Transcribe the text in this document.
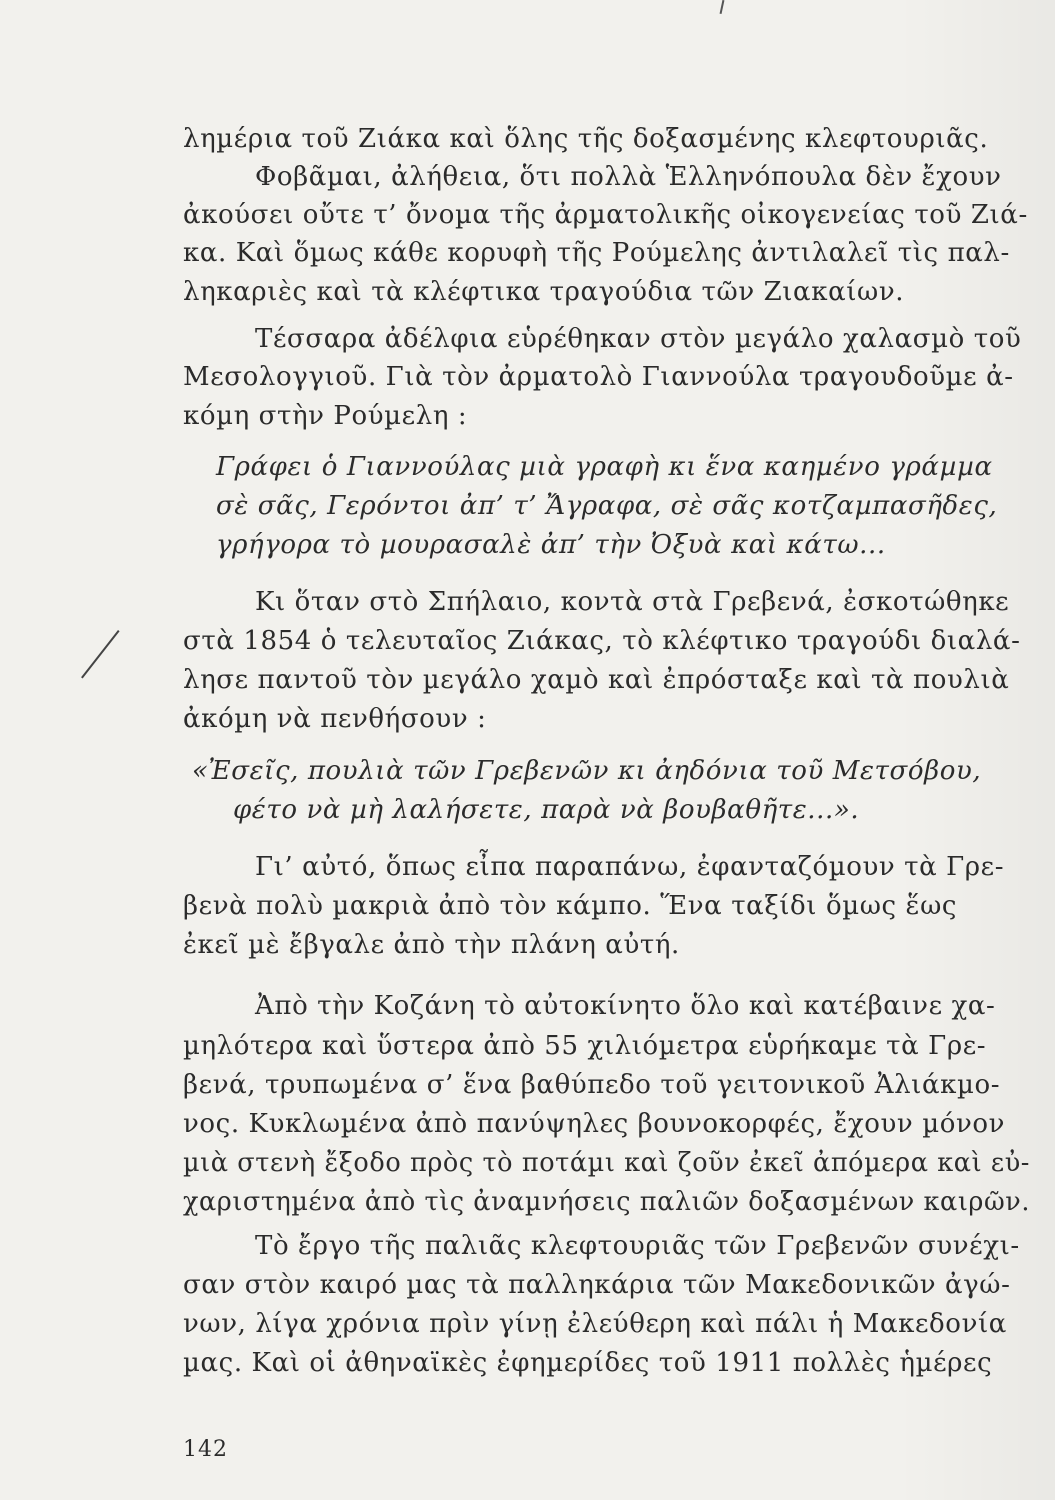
ληµέρια τοῦ Ζιάκα καὶ ὅλης τῆς δοξασµένης κλεφτουριᾶς.
Φοβᾶµαι, ἀλήθεια, ὅτι πολλὰ Ἑλληνόπουλα δὲν ἔχουν
ἀκούσει οὔτε τ’ ὄνοµα τῆς ἀρµατολικῆς οἰκογενείας τοῦ Ζιά-
κα. Καὶ ὅµως κάθε κορυφὴ τῆς Ρούµελης ἀντιλαλεῖ τὶς παλ-
ληκαριὲς καὶ τὰ κλέφτικα τραγούδια τῶν Ζιακαίων.
Τέσσαρα ἀδέλφια εὑρέθηκαν στὸν µεγάλο χαλασµὸ τοῦ
Μεσολογγιοῦ. Γιὰ τὸν ἀρµατολὸ Γιαννούλα τραγουδοῦµε ἀ-
κόµη στὴν Ρούµελη :
Γράφει ὁ Γιαννούλας µιὰ γραφὴ κι ἕνα καηµένο γράµµα
σὲ σᾶς, Γερόντοι ἀπ’ τ’ Ἄγραφα, σὲ σᾶς κοτζαµπασῆδες,
γρήγορα τὸ µουρασαλὲ ἀπ’ τὴν Ὀξυὰ καὶ κάτω...
Κι ὅταν στὸ Σπήλαιο, κοντὰ στὰ Γρεβενά, ἐσκοτώθηκε
στὰ 1854 ὁ τελευταῖος Ζιάκας, τὸ κλέφτικο τραγούδι διαλά-
λησε παντοῦ τὸν µεγάλο χαµὸ καὶ ἐπρόσταξε καὶ τὰ πουλιὰ
ἀκόµη νὰ πενθήσουν :
«Ἐσεῖς, πουλιὰ τῶν Γρεβενῶν κι ἀηδόνια τοῦ Μετσόβου,
φέτο νὰ µὴ λαλήσετε, παρὰ νὰ βουβαθῆτε...».
Γι’ αὐτό, ὅπως εἶπα παραπάνω, ἐφανταζόµουν τὰ Γρε-
βενὰ πολὺ µακριὰ ἀπὸ τὸν κάµπο. Ἕνα ταξίδι ὅµως ἕως
ἐκεῖ µὲ ἔβγαλε ἀπὸ τὴν πλάνη αὐτή.
Ἀπὸ τὴν Κοζάνη τὸ αὐτοκίνητο ὅλο καὶ κατέβαινε χα-
µηλότερα καὶ ὕστερα ἀπὸ 55 χιλιόµετρα εὑρήκαµε τὰ Γρε-
βενά, τρυπωµένα σ’ ἕνα βαθύπεδο τοῦ γειτονικοῦ Ἀλιάκµο-
νος. Κυκλωµένα ἀπὸ πανύψηλες βουνοκορφές, ἔχουν µόνον
µιὰ στενὴ ἔξοδο πρὸς τὸ ποτάµι καὶ ζοῦν ἐκεῖ ἀπόµερα καὶ εὐ-
χαριστηµένα ἀπὸ τὶς ἀναµνήσεις παλιῶν δοξασµένων καιρῶν.
Τὸ ἔργο τῆς παλιᾶς κλεφτουριᾶς τῶν Γρεβενῶν συνέχι-
σαν στὸν καιρό µας τὰ παλληκάρια τῶν Μακεδονικῶν ἀγώ-
νων, λίγα χρόνια πρὶν γίνῃ ἐλεύθερη καὶ πάλι ἡ Μακεδονία
µας. Καὶ οἱ ἀθηναϊκὲς ἐφηµερίδες τοῦ 1911 πολλὲς ἡµέρες
142
